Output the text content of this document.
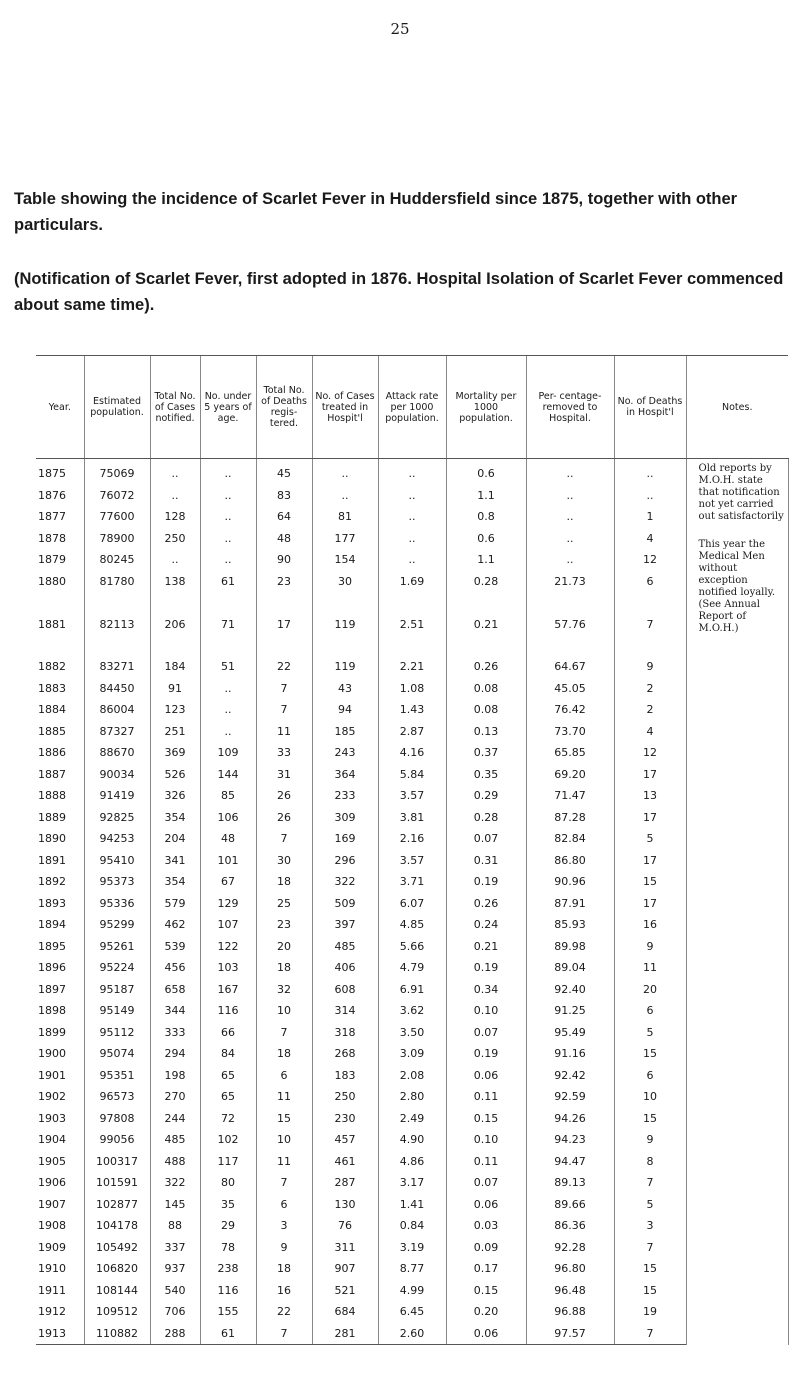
25
Table showing the incidence of Scarlet Fever in Huddersfield since 1875, together with other particulars.
(Notification of Scarlet Fever, first adopted in 1876. Hospital Isolation of Scarlet Fever commenced about same time).
Year.	Estimated population.	Total No. of Cases notified.	No. under 5 years of age.	Total No. of Deaths regis- tered.	No. of Cases treated in Hospit'l	Attack rate per 1000 population.	Mortality per 1000 population.	Per- centage- removed to Hospital.	No. of Deaths in Hospit'l	Notes.
1875	75069	..	..	45	..	..	0.6	..	..	Old reports by M.O.H. state that notification not yet carried out satisfactorily
This year the Medical Men without exception notified loyally. (See Annual Report of M.O.H.)

1876	76072	..	..	83	..	..	1.1	..	..	
1877	77600	128	..	64	81	..	0.8	..	1	
1878	78900	250	..	48	177	..	0.6	..	4	
1879	80245	..	..	90	154	..	1.1	..	12	
1880	81780	138	61	23	30	1.69	0.28	21.73	6	
1881	82113	206	71	17	119	2.51	0.21	57.76	7	
1882	83271	184	51	22	119	2.21	0.26	64.67	9	
1883	84450	91	..	7	43	1.08	0.08	45.05	2	
1884	86004	123	..	7	94	1.43	0.08	76.42	2	
1885	87327	251	..	11	185	2.87	0.13	73.70	4	
1886	88670	369	109	33	243	4.16	0.37	65.85	12	
1887	90034	526	144	31	364	5.84	0.35	69.20	17	
1888	91419	326	85	26	233	3.57	0.29	71.47	13	
1889	92825	354	106	26	309	3.81	0.28	87.28	17	
1890	94253	204	48	7	169	2.16	0.07	82.84	5	
1891	95410	341	101	30	296	3.57	0.31	86.80	17	
1892	95373	354	67	18	322	3.71	0.19	90.96	15	
1893	95336	579	129	25	509	6.07	0.26	87.91	17	
1894	95299	462	107	23	397	4.85	0.24	85.93	16	
1895	95261	539	122	20	485	5.66	0.21	89.98	9	
1896	95224	456	103	18	406	4.79	0.19	89.04	11	
1897	95187	658	167	32	608	6.91	0.34	92.40	20	
1898	95149	344	116	10	314	3.62	0.10	91.25	6	
1899	95112	333	66	7	318	3.50	0.07	95.49	5	
1900	95074	294	84	18	268	3.09	0.19	91.16	15	
1901	95351	198	65	6	183	2.08	0.06	92.42	6	
1902	96573	270	65	11	250	2.80	0.11	92.59	10	
1903	97808	244	72	15	230	2.49	0.15	94.26	15	
1904	99056	485	102	10	457	4.90	0.10	94.23	9	
1905	100317	488	117	11	461	4.86	0.11	94.47	8	
1906	101591	322	80	7	287	3.17	0.07	89.13	7	
1907	102877	145	35	6	130	1.41	0.06	89.66	5	
1908	104178	88	29	3	76	0.84	0.03	86.36	3	
1909	105492	337	78	9	311	3.19	0.09	92.28	7	
1910	106820	937	238	18	907	8.77	0.17	96.80	15	
1911	108144	540	116	16	521	4.99	0.15	96.48	15	
1912	109512	706	155	22	684	6.45	0.20	96.88	19	
1913	110882	288	61	7	281	2.60	0.06	97.57	7	
